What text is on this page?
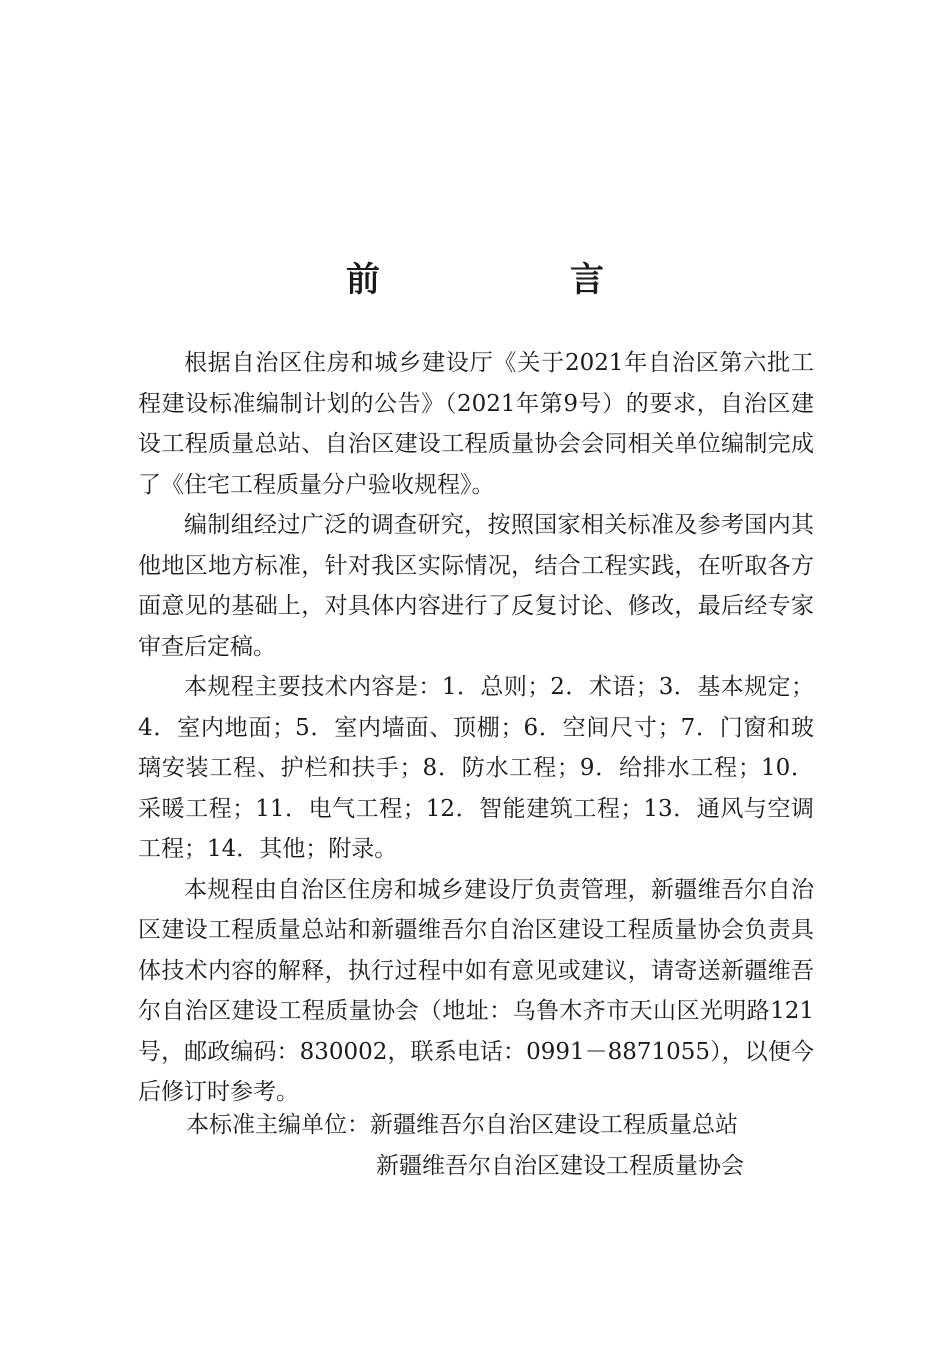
前　言

根据自治区住房和城乡建设厅《关于2021年自治区第六批工程建设标准编制计划的公告》（2021年第9号）的要求，自治区建设工程质量总站、自治区建设工程质量协会会同相关单位编制完成了《住宅工程质量分户验收规程》。

编制组经过广泛的调查研究，按照国家相关标准及参考国内其他地区地方标准，针对我区实际情况，结合工程实践，在听取各方面意见的基础上，对具体内容进行了反复讨论、修改，最后经专家审查后定稿。

本规程主要技术内容是：1．总则；2．术语；3．基本规定；4．室内地面；5．室内墙面、顶棚；6．空间尺寸；7．门窗和玻璃安装工程、护栏和扶手；8．防水工程；9．给排水工程；10．采暖工程；11．电气工程；12．智能建筑工程；13．通风与空调工程；14．其他；附录。

本规程由自治区住房和城乡建设厅负责管理，新疆维吾尔自治区建设工程质量总站和新疆维吾尔自治区建设工程质量协会负责具体技术内容的解释，执行过程中如有意见或建议，请寄送新疆维吾尔自治区建设工程质量协会（地址：乌鲁木齐市天山区光明路121号，邮政编码：830002，联系电话：0991－8871055），以便今后修订时参考。

本标准主编单位：新疆维吾尔自治区建设工程质量总站
新疆维吾尔自治区建设工程质量协会
